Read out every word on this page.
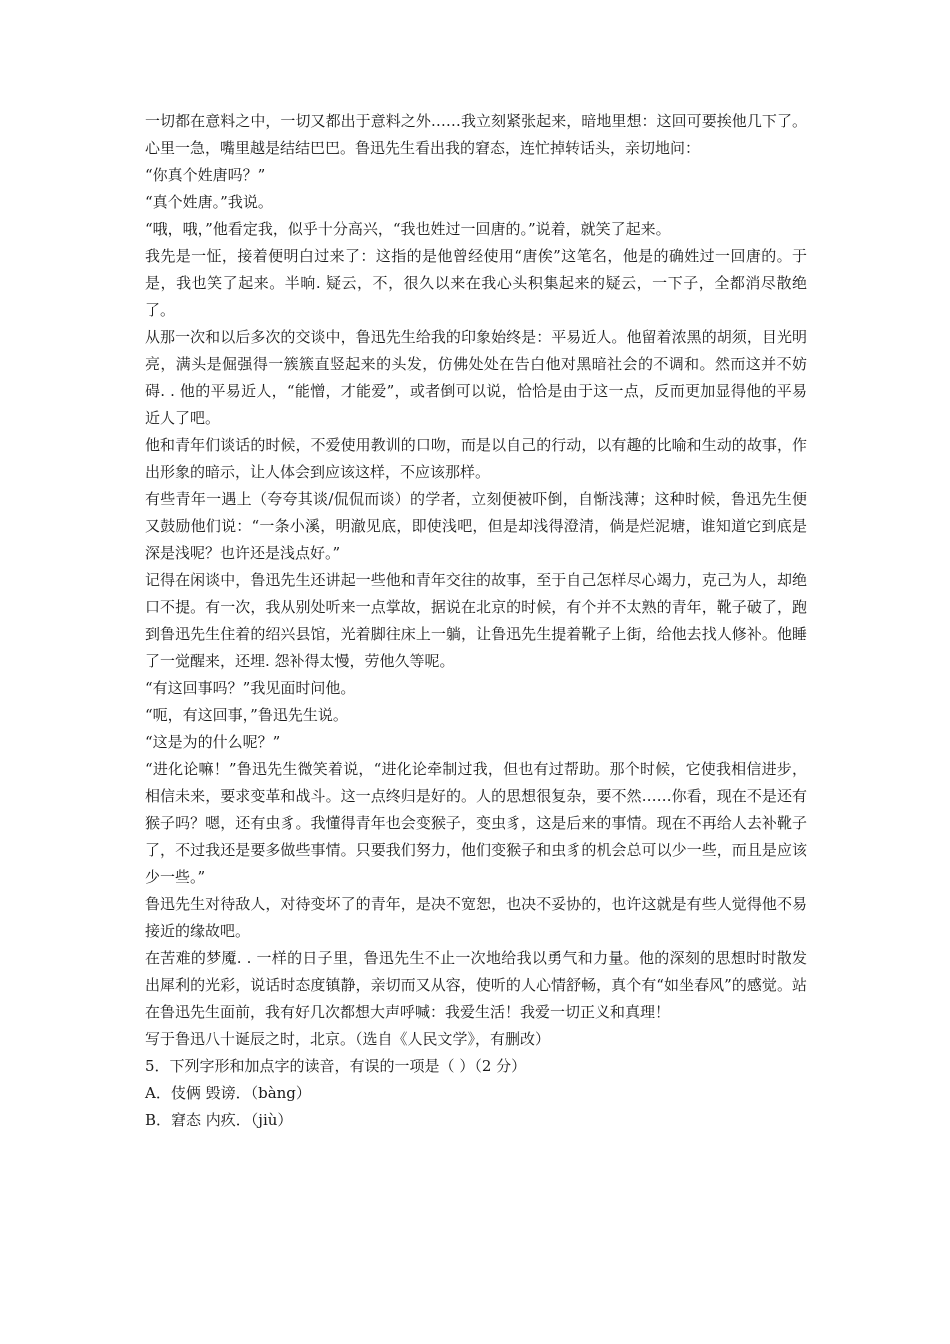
一切都在意料之中，一切又都出于意料之外……我立刻紧张起来，暗地里想：这回可要挨他几下了。心里一急，嘴里越是结结巴巴。鲁迅先生看出我的窘态，连忙掉转话头，亲切地问：

“你真个姓唐吗？”

“真个姓唐。”我说。

“哦，哦，”他看定我，似乎十分高兴，“我也姓过一回唐的。”说着，就笑了起来。

我先是一怔，接着便明白过来了：这指的是他曾经使用“唐俟”这笔名，他是的确姓过一回唐的。于是，我也笑了起来。半晌. 疑云，不，很久以来在我心头积集起来的疑云，一下子，全都消尽散绝了。

从那一次和以后多次的交谈中，鲁迅先生给我的印象始终是：平易近人。他留着浓黑的胡须，目光明亮，满头是倔强得一簇簇直竖起来的头发，仿佛处处在告白他对黑暗社会的不调和。然而这并不妨碍. . 他的平易近人，“能憎，才能爱”，或者倒可以说，恰恰是由于这一点，反而更加显得他的平易近人了吧。

他和青年们谈话的时候，不爱使用教训的口吻，而是以自己的行动，以有趣的比喻和生动的故事，作出形象的暗示，让人体会到应该这样，不应该那样。

有些青年一遇上（夸夸其谈/侃侃而谈）的学者，立刻便被吓倒，自惭浅薄；这种时候，鲁迅先生便又鼓励他们说：“一条小溪，明澈见底，即使浅吧，但是却浅得澄清，倘是烂泥塘，谁知道它到底是深是浅呢？也许还是浅点好。”

记得在闲谈中，鲁迅先生还讲起一些他和青年交往的故事，至于自己怎样尽心竭力，克己为人，却绝口不提。有一次，我从别处听来一点掌故，据说在北京的时候，有个并不太熟的青年，靴子破了，跑到鲁迅先生住着的绍兴县馆，光着脚往床上一躺，让鲁迅先生提着靴子上街，给他去找人修补。他睡了一觉醒来，还埋. 怨补得太慢，劳他久等呢。

“有这回事吗？”我见面时问他。

“呃，有这回事，”鲁迅先生说。

“这是为的什么呢？”

“进化论嘛！”鲁迅先生微笑着说，“进化论牵制过我，但也有过帮助。那个时候，它使我相信进步，相信未来，要求变革和战斗。这一点终归是好的。人的思想很复杂，要不然……你看，现在不是还有猴子吗？嗯，还有虫豸。我懂得青年也会变猴子，变虫豸，这是后来的事情。现在不再给人去补靴子了，不过我还是要多做些事情。只要我们努力，他们变猴子和虫豸的机会总可以少一些，而且是应该少一些。”

鲁迅先生对待敌人，对待变坏了的青年，是决不宽恕，也决不妥协的，也许这就是有些人觉得他不易接近的缘故吧。

在苦难的梦魇. . 一样的日子里，鲁迅先生不止一次地给我以勇气和力量。他的深刻的思想时时散发出犀利的光彩，说话时态度镇静，亲切而又从容，使听的人心情舒畅，真个有“如坐春风”的感觉。站在鲁迅先生面前，我有好几次都想大声呼喊：我爱生活！我爱一切正义和真理！

写于鲁迅八十诞辰之时，北京。（选自《人民文学》，有删改）

5．下列字形和加点字的读音，有误的一项是（ ）（2 分）

A．伎俩 毁谤．（bàng）

B．窘态 内疚．（jiù）
